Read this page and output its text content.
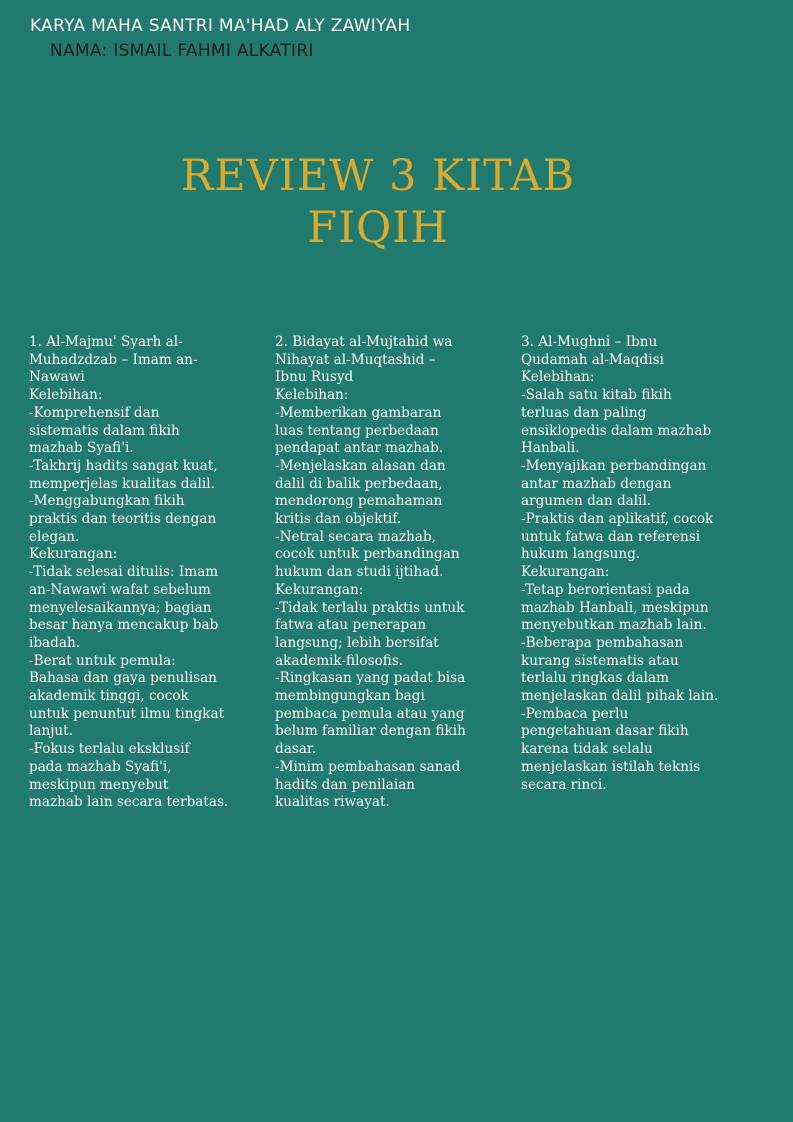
KARYA MAHA SANTRI MA'HAD ALY ZAWIYAH
NAMA: ISMAIL FAHMI ALKATIRI
REVIEW 3 KITAB
FIQIH
1. Al-Majmu' Syarh al-
Muhadzdzab – Imam an-
Nawawi
Kelebihan:
-Komprehensif dan
sistematis dalam fikih
mazhab Syafi'i.
-Takhrij hadits sangat kuat,
memperjelas kualitas dalil.
-Menggabungkan fikih
praktis dan teoritis dengan
elegan.
Kekurangan:
-Tidak selesai ditulis: Imam
an-Nawawi wafat sebelum
menyelesaikannya; bagian
besar hanya mencakup bab
ibadah.
-Berat untuk pemula:
Bahasa dan gaya penulisan
akademik tinggi, cocok
untuk penuntut ilmu tingkat
lanjut.
-Fokus terlalu eksklusif
pada mazhab Syafi'i,
meskipun menyebut
mazhab lain secara terbatas.
2. Bidayat al-Mujtahid wa
Nihayat al-Muqtashid –
Ibnu Rusyd
Kelebihan:
-Memberikan gambaran
luas tentang perbedaan
pendapat antar mazhab.
-Menjelaskan alasan dan
dalil di balik perbedaan,
mendorong pemahaman
kritis dan objektif.
-Netral secara mazhab,
cocok untuk perbandingan
hukum dan studi ijtihad.
Kekurangan:
-Tidak terlalu praktis untuk
fatwa atau penerapan
langsung; lebih bersifat
akademik-filosofis.
-Ringkasan yang padat bisa
membingungkan bagi
pembaca pemula atau yang
belum familiar dengan fikih
dasar.
-Minim pembahasan sanad
hadits dan penilaian
kualitas riwayat.
3. Al-Mughni – Ibnu
Qudamah al-Maqdisi
Kelebihan:
-Salah satu kitab fikih
terluas dan paling
ensiklopedis dalam mazhab
Hanbali.
-Menyajikan perbandingan
antar mazhab dengan
argumen dan dalil.
-Praktis dan aplikatif, cocok
untuk fatwa dan referensi
hukum langsung.
Kekurangan:
-Tetap berorientasi pada
mazhab Hanbali, meskipun
menyebutkan mazhab lain.
-Beberapa pembahasan
kurang sistematis atau
terlalu ringkas dalam
menjelaskan dalil pihak lain.
-Pembaca perlu
pengetahuan dasar fikih
karena tidak selalu
menjelaskan istilah teknis
secara rinci.
